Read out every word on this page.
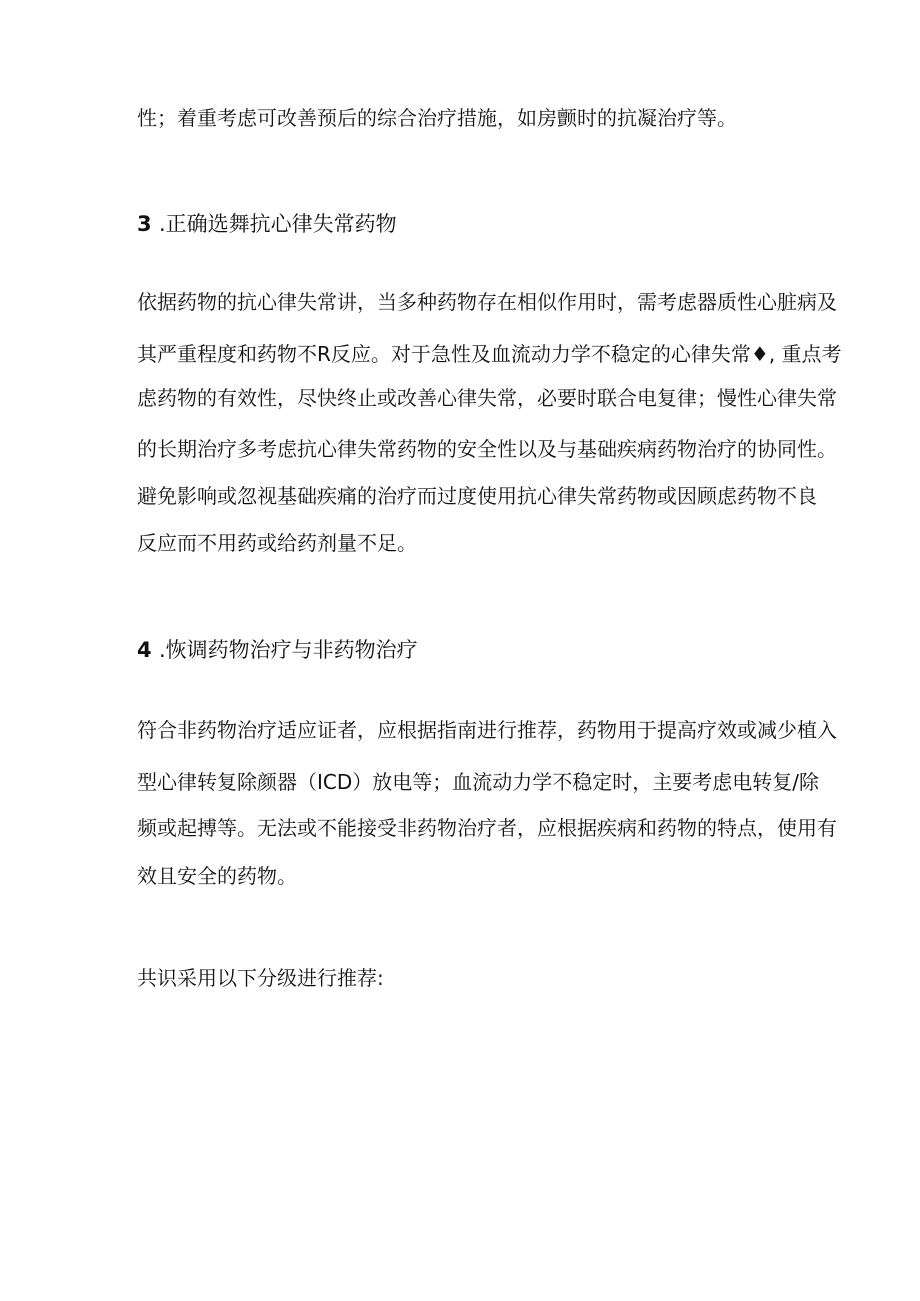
性；着重考虑可改善预后的综合治疗措施，如房颤时的抗凝治疗等。
3 .正确选舞抗心律失常药物
依据药物的抗心律失常讲，当多种药物存在相似作用时，需考虑器质性心脏病及
其严重程度和药物不R反应。对于急性及血流动力学不稳定的心律失常♦, 重点考
虑药物的有效性，尽快终止或改善心律失常，必要时联合电复律；慢性心律失常
的长期治疗多考虑抗心律失常药物的安全性以及与基础疾病药物治疗的协同性。
避免影响或忽视基础疾痛的治疗而过度使用抗心律失常药物或因顾虑药物不良
反应而不用药或给药剂量不足。
4 .恢调药物治疗与非药物治疗
符合非药物治疗适应证者，应根据指南进行推荐，药物用于提高疗效或减少植入
型心律转复除颜器（ICD）放电等；血流动力学不稳定时，主要考虑电转复/除
频或起搏等。无法或不能接受非药物治疗者，应根据疾病和药物的特点，使用有
效且安全的药物。
共识采用以下分级进行推荐:
